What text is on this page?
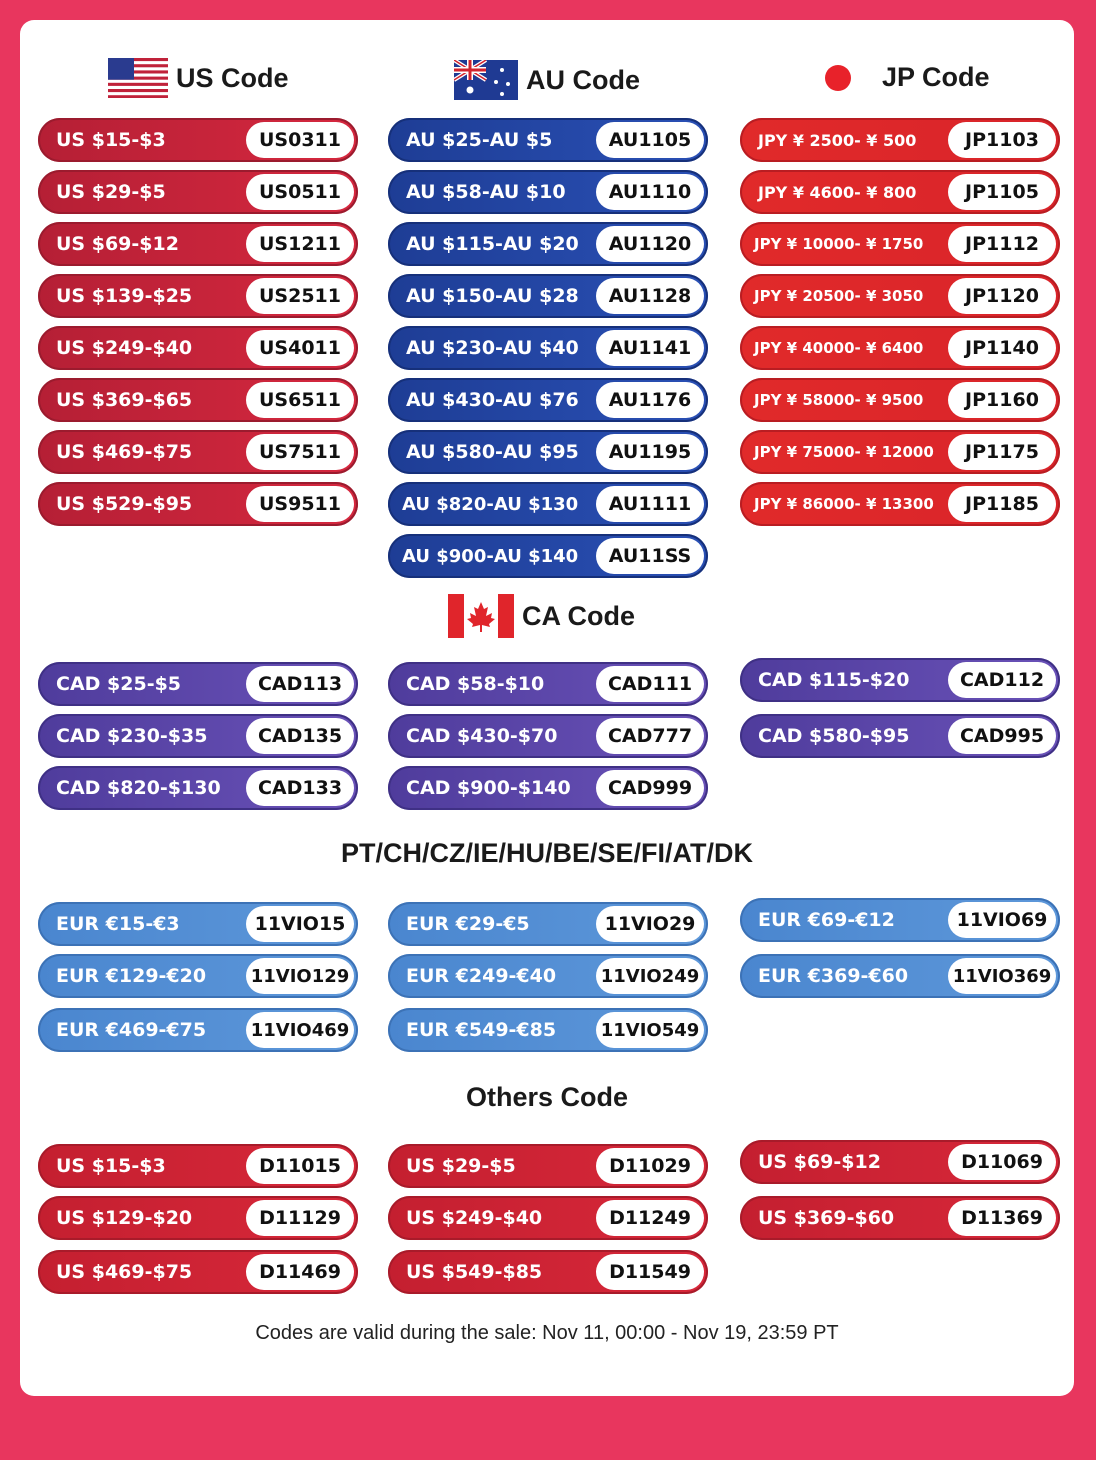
US Code	AU Code	JP Code
US $15-$3	US0311
US $29-$5	US0511
US $69-$12	US1211
US $139-$25	US2511
US $249-$40	US4011
US $369-$65	US6511
US $469-$75	US7511
US $529-$95	US9511
AU $25-AU $5	AU1105
AU $58-AU $10	AU1110
AU $115-AU $20	AU1120
AU $150-AU $28	AU1128
AU $230-AU $40	AU1141
AU $430-AU $76	AU1176
AU $580-AU $95	AU1195
AU $820-AU $130	AU1111
AU $900-AU $140	AU11SS
JPY ¥ 2500- ¥ 500	JP1103
JPY ¥ 4600- ¥ 800	JP1105
JPY ¥ 10000- ¥ 1750	JP1112
JPY ¥ 20500- ¥ 3050	JP1120
JPY ¥ 40000- ¥ 6400	JP1140
JPY ¥ 58000- ¥ 9500	JP1160
JPY ¥ 75000- ¥ 12000	JP1175
JPY ¥ 86000- ¥ 13300	JP1185
CA Code
CAD $25-$5	CAD113
CAD $230-$35	CAD135
CAD $820-$130	CAD133
CAD $58-$10	CAD111
CAD $430-$70	CAD777
CAD $900-$140	CAD999
CAD $115-$20	CAD112
CAD $580-$95	CAD995
PT/CH/CZ/IE/HU/BE/SE/FI/AT/DK
EUR €15-€3	11VIO15
EUR €129-€20 11VIO129
EUR €469-€75 11VIO469
EUR €29-€5	11VIO29
EUR €249-€40 11VIO249
EUR €549-€85 11VIO549
EUR €69-€12	11VIO69
EUR €369-€60 11VIO369
Others Code
US $15-$3	D11015
US $129-$20	D11129
US $469-$75	D11469
US $29-$5	D11029
US $249-$40	D11249
US $549-$85	D11549
US $69-$12	D11069
US $369-$60	D11369
Codes are valid during the sale: Nov 11, 00:00 - Nov 19, 23:59 PT
